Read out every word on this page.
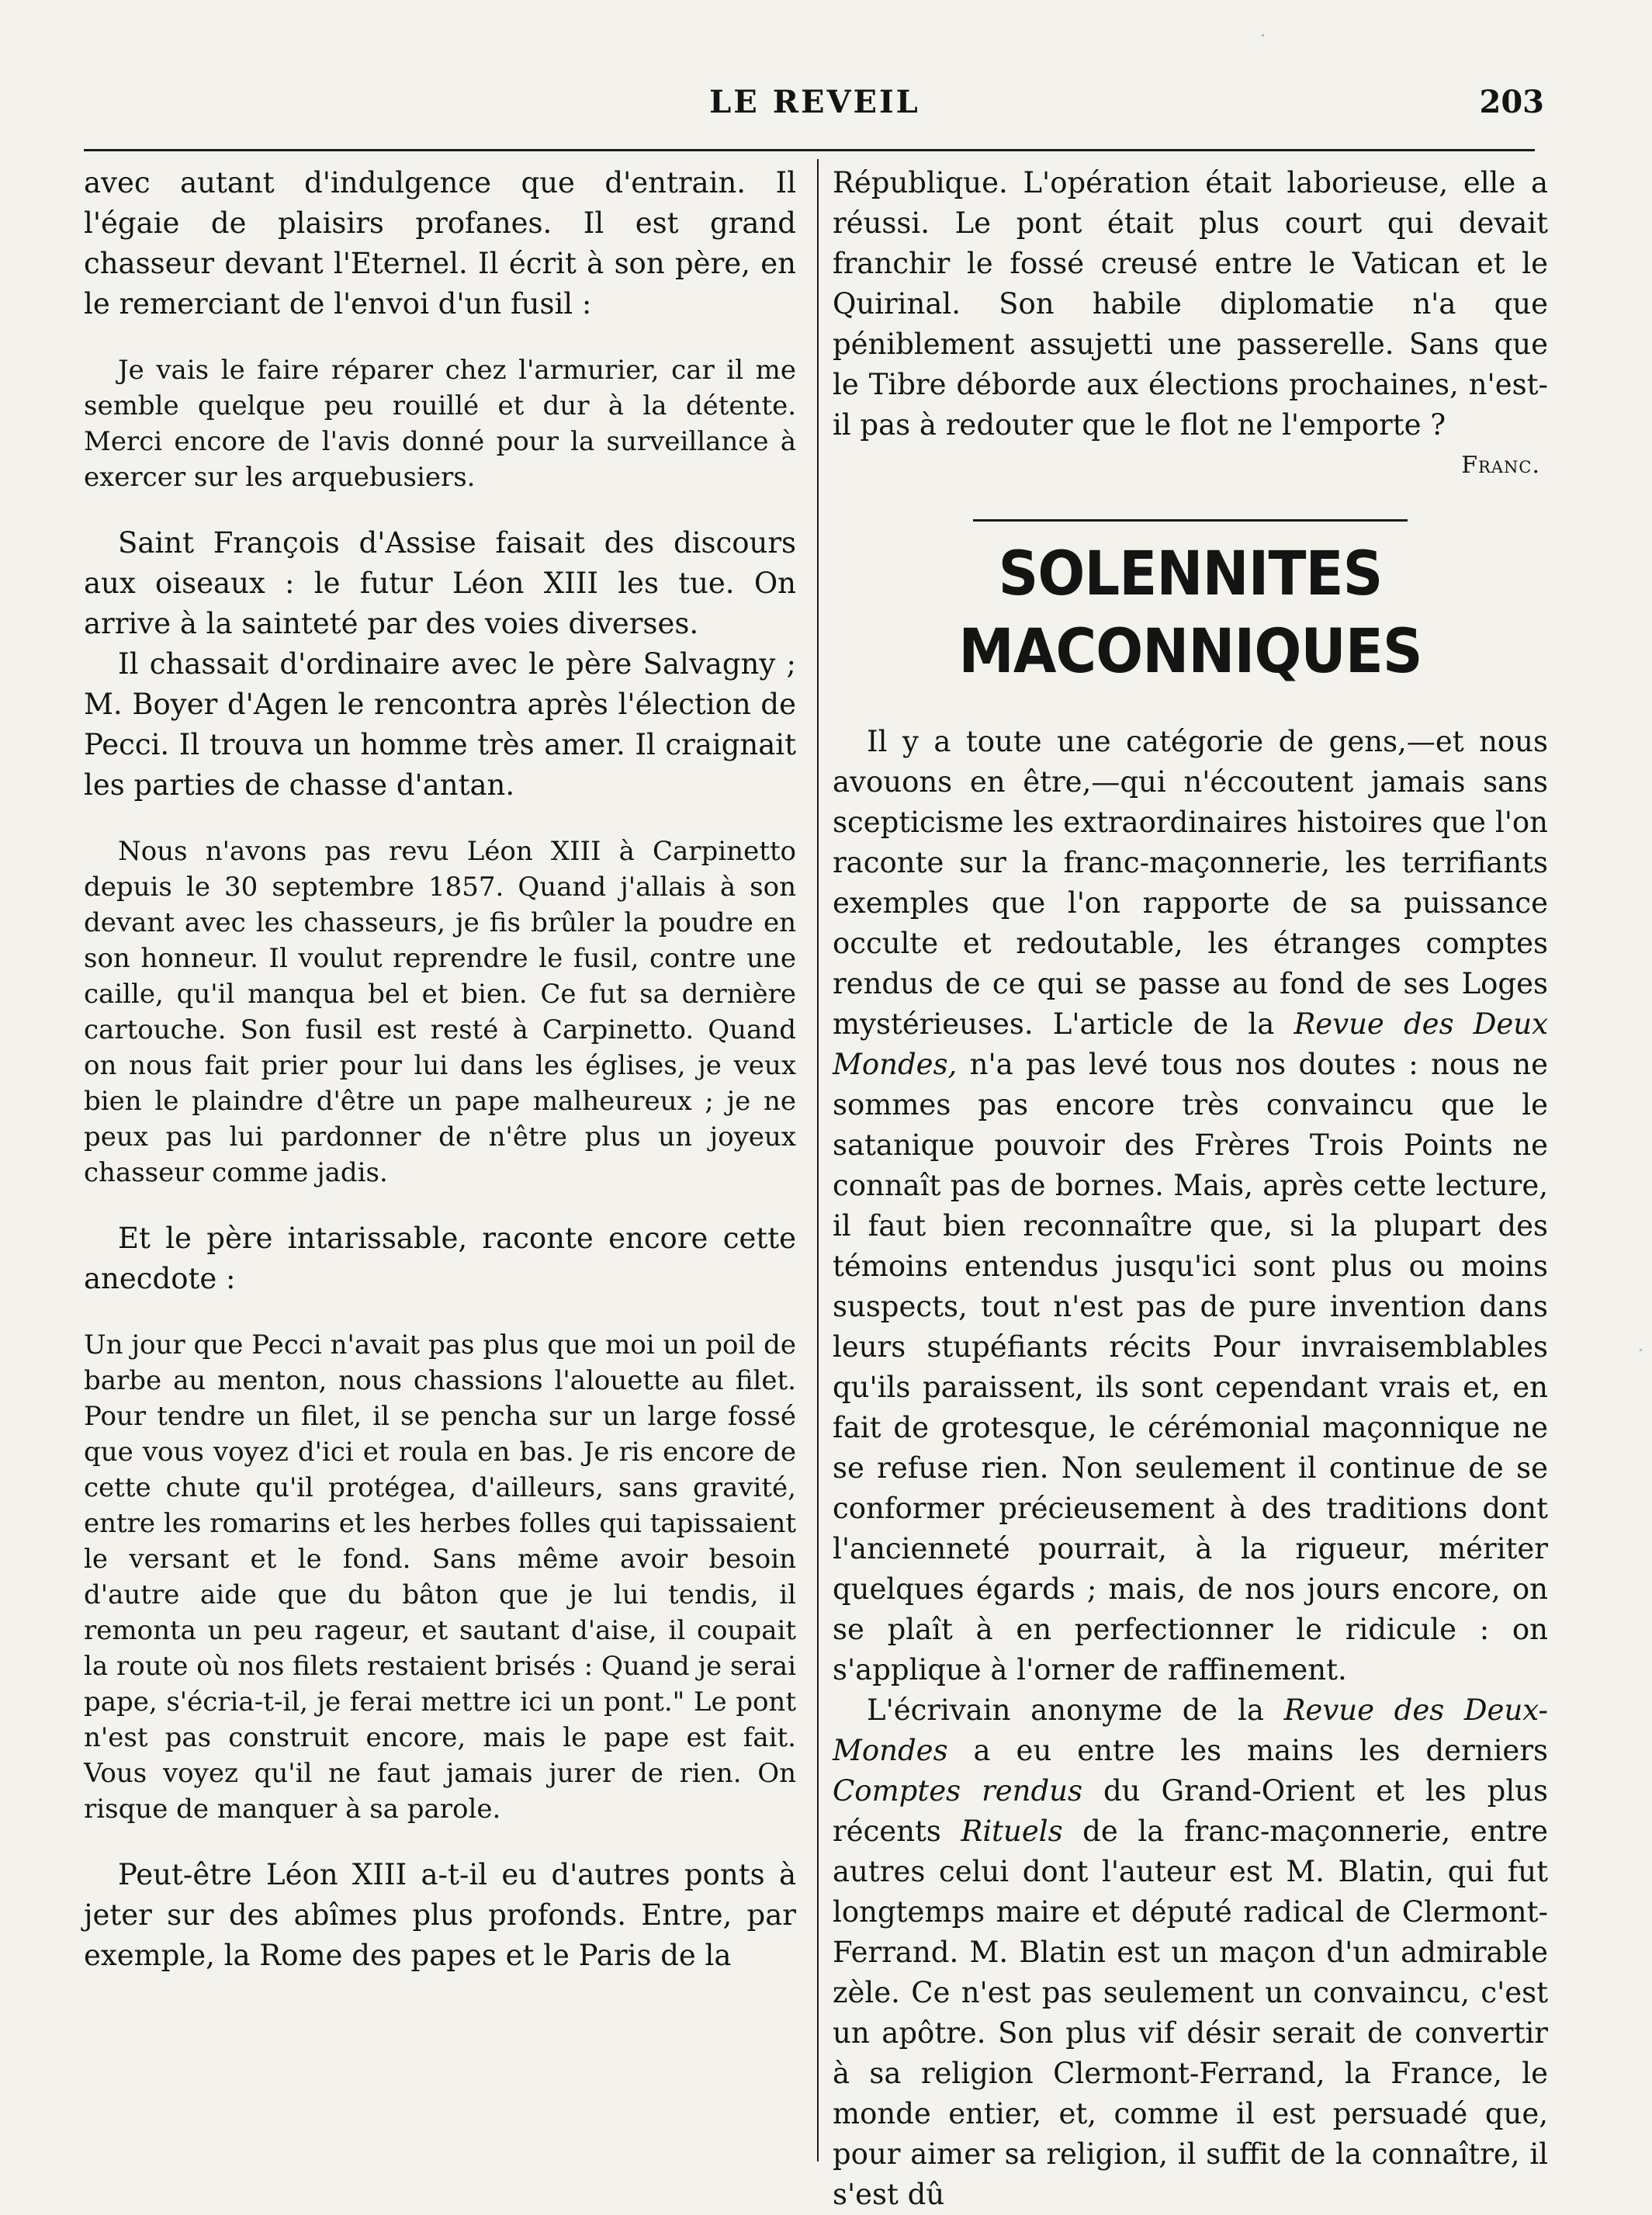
LE REVEIL	203

avec autant d'indulgence que d'entrain. Il l'égaie de plaisirs profanes. Il est grand chasseur devant l'Eternel. Il écrit à son père, en le remerciant de l'envoi d'un fusil :

Je vais le faire réparer chez l'armurier, car il me semble quelque peu rouillé et dur à la détente. Merci encore de l'avis donné pour la surveillance à exercer sur les arquebusiers.

Saint François d'Assise faisait des discours aux oiseaux : le futur Léon XIII les tue. On arrive à la sainteté par des voies diverses.

Il chassait d'ordinaire avec le père Salvagny ; M. Boyer d'Agen le rencontra après l'élection de Pecci. Il trouva un homme très amer. Il craignait les parties de chasse d'antan.

Nous n'avons pas revu Léon XIII à Carpinetto depuis le 30 septembre 1857. Quand j'allais à son devant avec les chasseurs, je fis brûler la poudre en son honneur. Il voulut reprendre le fusil, contre une caille, qu'il manqua bel et bien. Ce fut sa dernière cartouche. Son fusil est resté à Carpinetto. Quand on nous fait prier pour lui dans les églises, je veux bien le plaindre d'être un pape malheureux ; je ne peux pas lui pardonner de n'être plus un joyeux chasseur comme jadis.

Et le père intarissable, raconte encore cette anecdote :

Un jour que Pecci n'avait pas plus que moi un poil de barbe au menton, nous chassions l'alouette au filet. Pour tendre un filet, il se pencha sur un large fossé que vous voyez d'ici et roula en bas. Je ris encore de cette chute qu'il protégea, d'ailleurs, sans gravité, entre les romarins et les herbes folles qui tapissaient le versant et le fond. Sans même avoir besoin d'autre aide que du bâton que je lui tendis, il remonta un peu rageur, et sautant d'aise, il coupait la route où nos filets restaient brisés : Quand je serai pape, s'écria-t-il, je ferai mettre ici un pont." Le pont n'est pas construit encore, mais le pape est fait. Vous voyez qu'il ne faut jamais jurer de rien. On risque de manquer à sa parole.

Peut-être Léon XIII a-t-il eu d'autres ponts à jeter sur des abîmes plus profonds. Entre, par exemple, la Rome des papes et le Paris de la

République. L'opération était laborieuse, elle a réussi. Le pont était plus court qui devait franchir le fossé creusé entre le Vatican et le Quirinal. Son habile diplomatie n'a que péniblement assujetti une passerelle. Sans que le Tibre déborde aux élections prochaines, n'est-il pas à redouter que le flot ne l'emporte ?

Franc.
SOLENNITES MACONNIQUES

Il y a toute une catégorie de gens,—et nous avouons en être,—qui n'éccoutent jamais sans scepticisme les extraordinaires histoires que l'on raconte sur la franc-maçonnerie, les terrifiants exemples que l'on rapporte de sa puissance occulte et redoutable, les étranges comptes rendus de ce qui se passe au fond de ses Loges mystérieuses. L'article de la Revue des Deux Mondes, n'a pas levé tous nos doutes : nous ne sommes pas encore très convaincu que le satanique pouvoir des Frères Trois Points ne connaît pas de bornes. Mais, après cette lecture, il faut bien reconnaître que, si la plupart des témoins entendus jusqu'ici sont plus ou moins suspects, tout n'est pas de pure invention dans leurs stupéfiants récits Pour invraisemblables qu'ils paraissent, ils sont cependant vrais et, en fait de grotesque, le cérémonial maçonnique ne se refuse rien. Non seulement il continue de se conformer précieusement à des traditions dont l'ancienneté pourrait, à la rigueur, mériter quelques égards ; mais, de nos jours encore, on se plaît à en perfectionner le ridicule : on s'applique à l'orner de raffinement.

L'écrivain anonyme de la Revue des Deux-Mondes a eu entre les mains les derniers Comptes rendus du Grand-Orient et les plus récents Rituels de la franc-maçonnerie, entre autres celui dont l'auteur est M. Blatin, qui fut longtemps maire et député radical de Clermont-Ferrand. M. Blatin est un maçon d'un admirable zèle. Ce n'est pas seulement un convaincu, c'est un apôtre. Son plus vif désir serait de convertir à sa religion Clermont-Ferrand, la France, le monde entier, et, comme il est persuadé que, pour aimer sa religion, il suffit de la connaître, il s'est dû
